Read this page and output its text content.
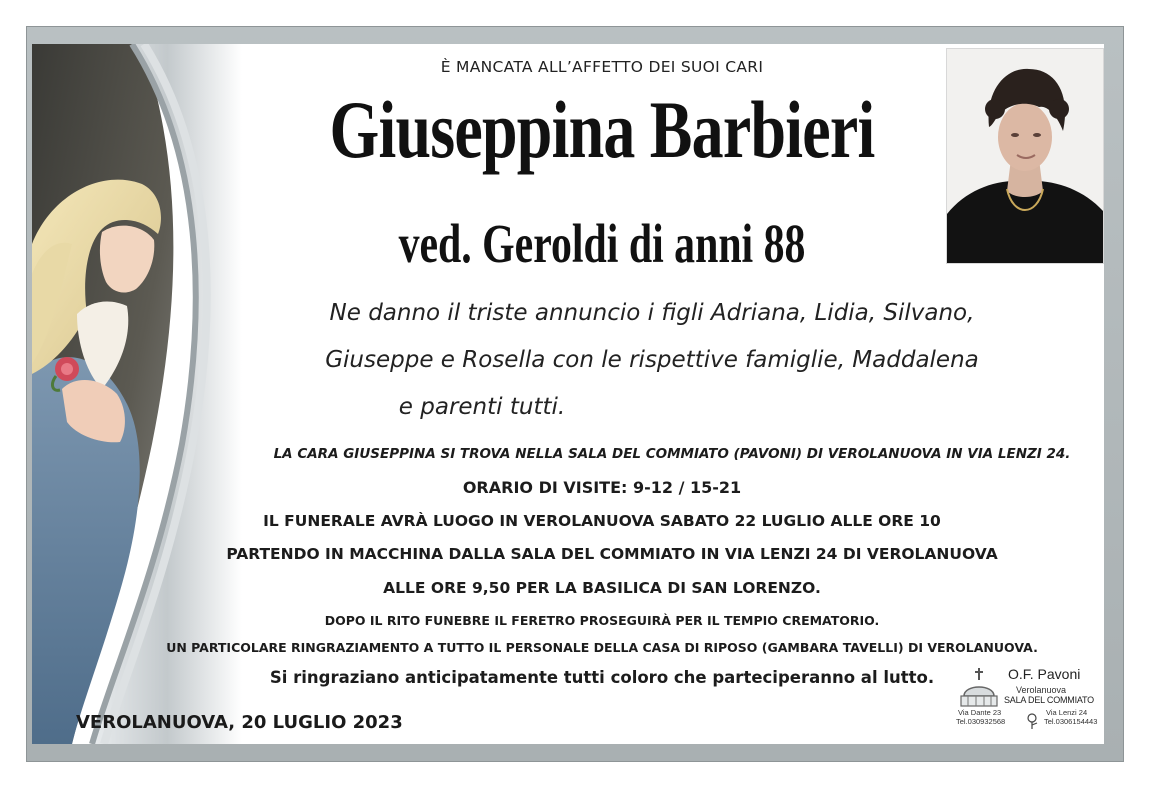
È MANCATA ALL’AFFETTO DEI SUOI CARI
Giuseppina Barbieri
ved. Geroldi di anni 88
Ne danno il triste annuncio i figli Adriana, Lidia, Silvano,
Giuseppe e Rosella con le rispettive famiglie, Maddalena
e parenti tutti.
LA CARA GIUSEPPINA SI TROVA NELLA SALA DEL COMMIATO (PAVONI) DI VEROLANUOVA IN VIA LENZI 24.
ORARIO DI VISITE: 9-12 / 15-21
IL FUNERALE AVRÀ LUOGO IN VEROLANUOVA SABATO 22 LUGLIO ALLE ORE 10
PARTENDO IN MACCHINA DALLA SALA DEL COMMIATO IN VIA LENZI 24 DI VEROLANUOVA
ALLE ORE 9,50 PER LA BASILICA DI SAN LORENZO.
DOPO IL RITO FUNEBRE IL FERETRO PROSEGUIRÀ PER IL TEMPIO CREMATORIO.
UN PARTICOLARE RINGRAZIAMENTO A TUTTO IL PERSONALE DELLA CASA DI RIPOSO (GAMBARA TAVELLI) DI VEROLANUOVA.
Si ringraziano anticipatamente tutti coloro che parteciperanno al lutto.
VEROLANUOVA, 20 LUGLIO 2023
O.F. Pavoni
Verolanuova
SALA DEL COMMIATO
Via Dante 23
Tel.030932568
Via Lenzi 24
Tel.0306154443
